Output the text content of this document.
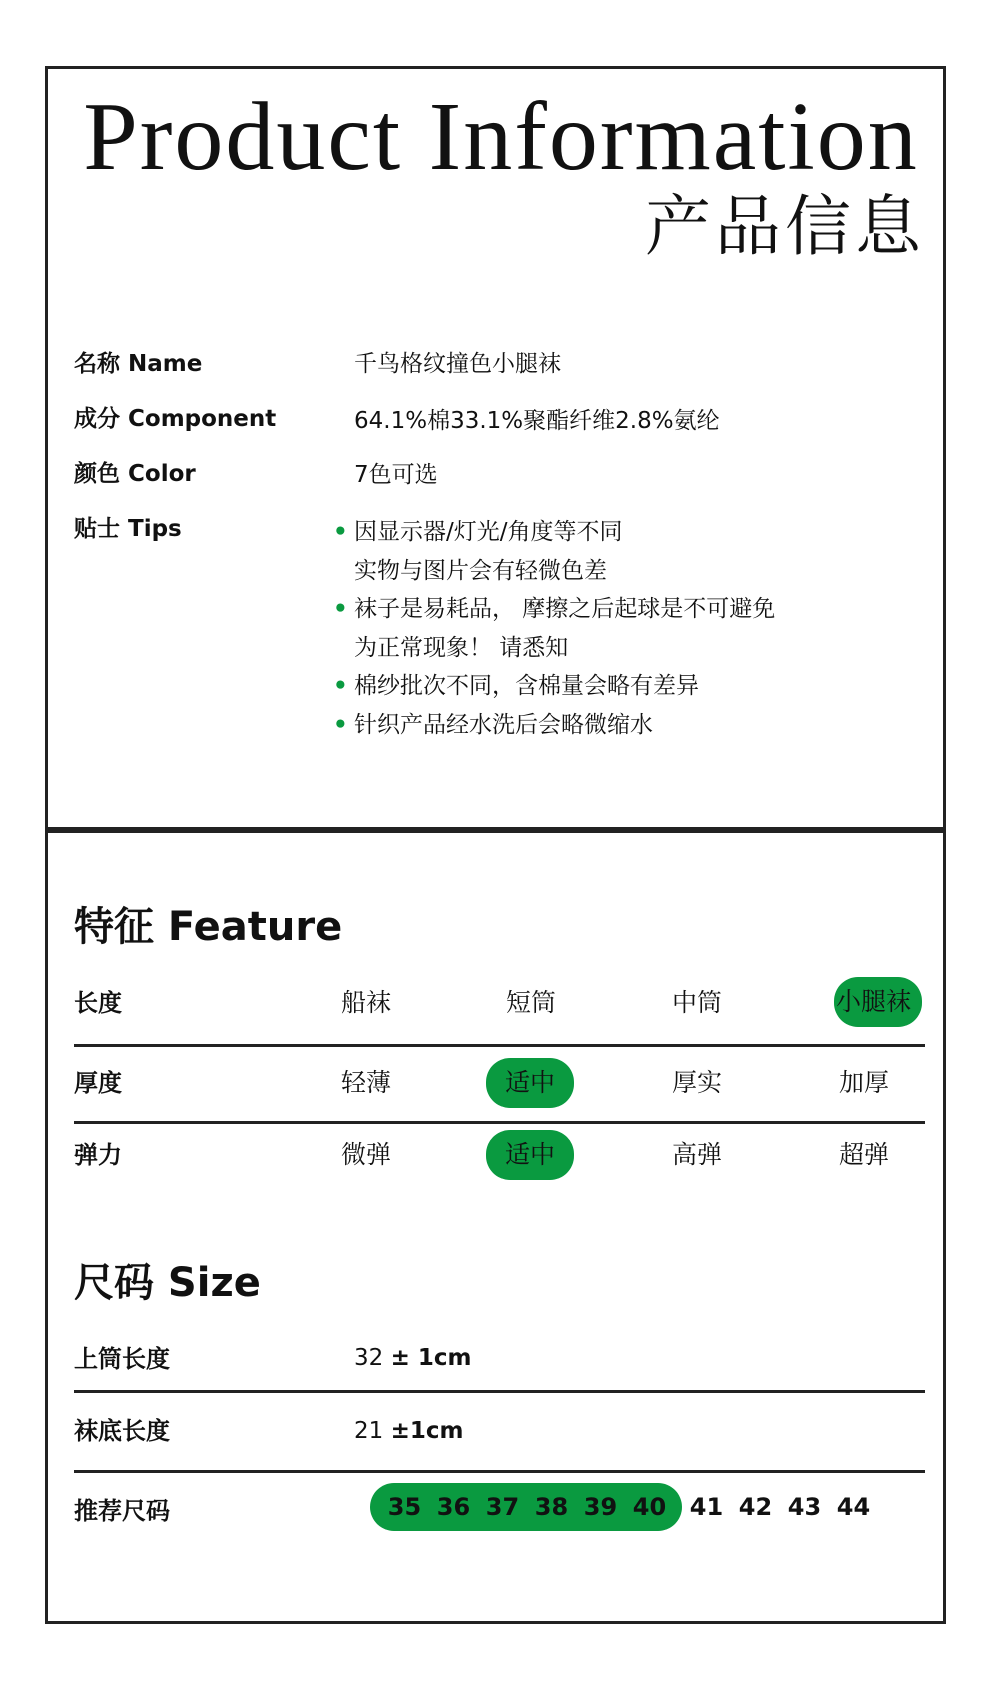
Product Information
产品信息
名称 Name	千鸟格纹撞色小腿袜
成分 Component	64.1%棉33.1%聚酯纤维2.8%氨纶
颜色 Color	7色可选
贴士 Tips	• 因显示器/灯光/角度等不同
实物与图片会有轻微色差
• 袜子是易耗品， 摩擦之后起球是不可避免
为正常现象！ 请悉知
• 棉纱批次不同，含棉量会略有差异
• 针织产品经水洗后会略微缩水
特征 Feature
长度	船袜	短筒	中筒	小腿袜
厚度	轻薄	适中	厚实	加厚
弹力	微弹	适中	高弹	超弹
尺码 Size
上筒长度	32 ± 1cm
袜底长度	21 ±1cm
推荐尺码	35 36 37 38 39 40 41 42 43 44
